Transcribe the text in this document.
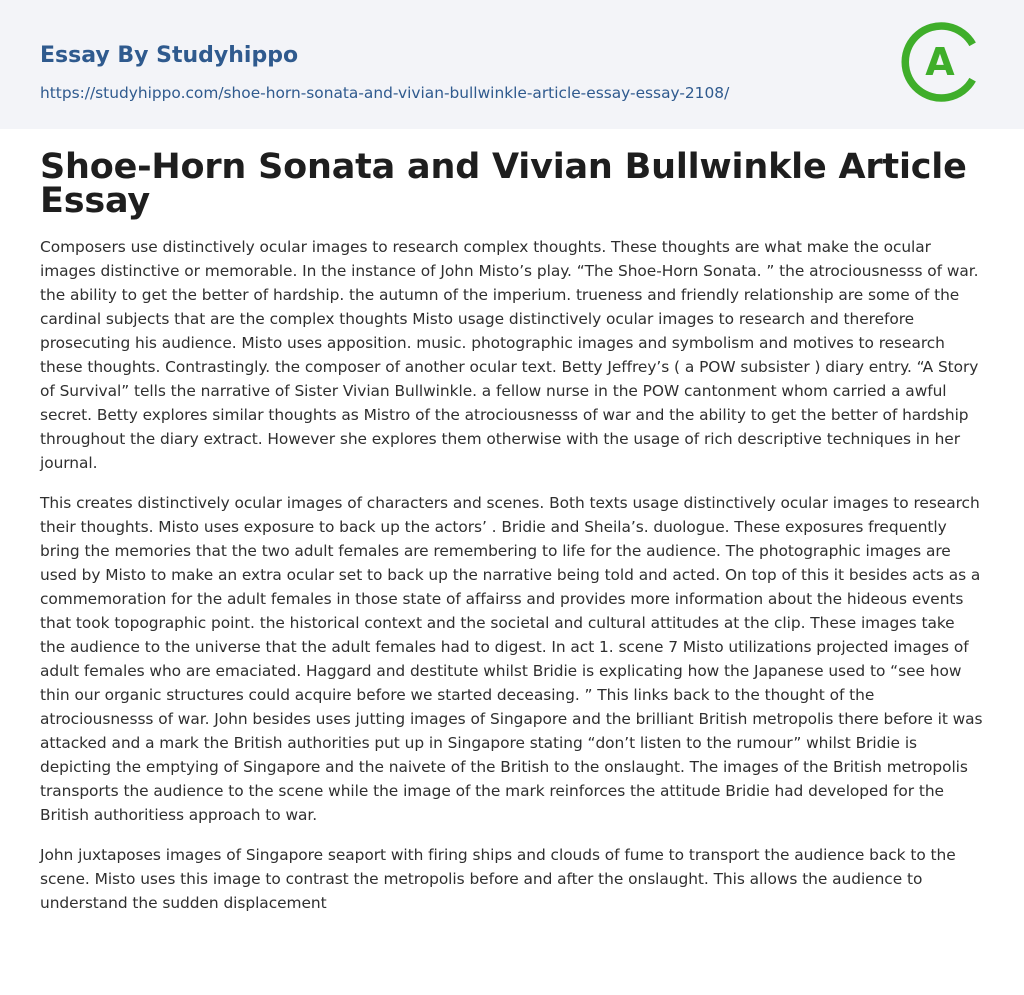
Essay By Studyhippo
https://studyhippo.com/shoe-horn-sonata-and-vivian-bullwinkle-article-essay-essay-2108/
A
Shoe-Horn Sonata and Vivian Bullwinkle Article Essay

Composers use distinctively ocular images to research complex thoughts. These thoughts are what make the ocular images distinctive or memorable. In the instance of John Misto’s play. “The Shoe-Horn Sonata. ” the atrociousnesss of war. the ability to get the better of hardship. the autumn of the imperium. trueness and friendly relationship are some of the cardinal subjects that are the complex thoughts Misto usage distinctively ocular images to research and therefore prosecuting his audience. Misto uses apposition. music. photographic images and symbolism and motives to research these thoughts. Contrastingly. the composer of another ocular text. Betty Jeffrey’s ( a POW subsister ) diary entry. “A Story of Survival” tells the narrative of Sister Vivian Bullwinkle. a fellow nurse in the POW cantonment whom carried a awful secret. Betty explores similar thoughts as Mistro of the atrociousnesss of war and the ability to get the better of hardship throughout the diary extract. However she explores them otherwise with the usage of rich descriptive techniques in her journal.

This creates distinctively ocular images of characters and scenes. Both texts usage distinctively ocular images to research their thoughts. Misto uses exposure to back up the actors’ . Bridie and Sheila’s. duologue. These exposures frequently bring the memories that the two adult females are remembering to life for the audience. The photographic images are used by Misto to make an extra ocular set to back up the narrative being told and acted. On top of this it besides acts as a commemoration for the adult females in those state of affairss and provides more information about the hideous events that took topographic point. the historical context and the societal and cultural attitudes at the clip. These images take the audience to the universe that the adult females had to digest. In act 1. scene 7 Misto utilizations projected images of adult females who are emaciated. Haggard and destitute whilst Bridie is explicating how the Japanese used to “see how thin our organic structures could acquire before we started deceasing. ” This links back to the thought of the atrociousnesss of war. John besides uses jutting images of Singapore and the brilliant British metropolis there before it was attacked and a mark the British authorities put up in Singapore stating “don’t listen to the rumour” whilst Bridie is depicting the emptying of Singapore and the naivete of the British to the onslaught. The images of the British metropolis transports the audience to the scene while the image of the mark reinforces the attitude Bridie had developed for the British authoritiess approach to war.

John juxtaposes images of Singapore seaport with firing ships and clouds of fume to transport the audience back to the scene. Misto uses this image to contrast the metropolis before and after the onslaught. This allows the audience to understand the sudden displacement
